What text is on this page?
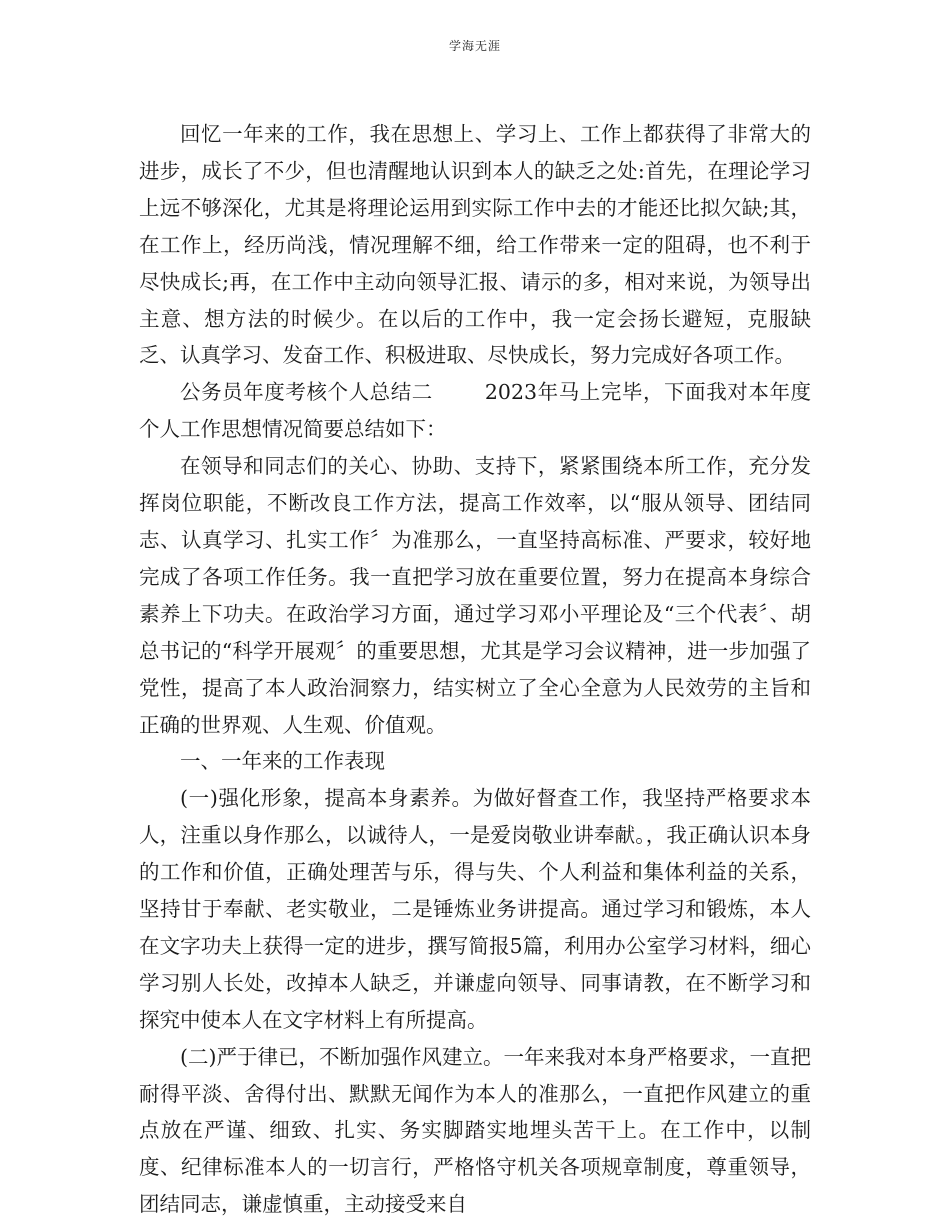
学海无涯

回忆一年来的工作，我在思想上、学习上、工作上都获得了非常大的进步，成长了不少，但也清醒地认识到本人的缺乏之处:首先，在理论学习上远不够深化，尤其是将理论运用到实际工作中去的才能还比拟欠缺;其，在工作上，经历尚浅，情况理解不细，给工作带来一定的阻碍，也不利于尽快成长;再，在工作中主动向领导汇报、请示的多，相对来说，为领导出主意、想方法的时候少。在以后的工作中，我一定会扬长避短，克服缺乏、认真学习、发奋工作、积极进取、尽快成长，努力完成好各项工作。

公务员年度考核个人总结二	2023年马上完毕，下面我对本年度个人工作思想情况简要总结如下：

在领导和同志们的关心、协助、支持下，紧紧围绕本所工作，充分发挥岗位职能，不断改良工作方法，提高工作效率，以“服从领导、团结同志、认真学习、扎实工作〞为准那么，一直坚持高标准、严要求，较好地完成了各项工作任务。我一直把学习放在重要位置，努力在提高本身综合素养上下功夫。在政治学习方面，通过学习邓小平理论及“三个代表〞、胡总书记的“科学开展观〞的重要思想，尤其是学习会议精神，进一步加强了党性，提高了本人政治洞察力，结实树立了全心全意为人民效劳的主旨和正确的世界观、人生观、价值观。

一、一年来的工作表现

(一)强化形象，提高本身素养。为做好督查工作，我坚持严格要求本人，注重以身作那么，以诚待人，一是爱岗敬业讲奉献。，我正确认识本身的工作和价值，正确处理苦与乐，得与失、个人利益和集体利益的关系，坚持甘于奉献、老实敬业，二是锤炼业务讲提高。通过学习和锻炼，本人在文字功夫上获得一定的进步，撰写简报5篇，利用办公室学习材料，细心学习别人长处，改掉本人缺乏，并谦虚向领导、同事请教，在不断学习和探究中使本人在文字材料上有所提高。

(二)严于律已，不断加强作风建立。一年来我对本身严格要求，一直把耐得平淡、舍得付出、默默无闻作为本人的准那么，一直把作风建立的重点放在严谨、细致、扎实、务实脚踏实地埋头苦干上。在工作中，以制度、纪律标准本人的一切言行，严格恪守机关各项规章制度，尊重领导，团结同志，谦虚慎重，主动接受来自
